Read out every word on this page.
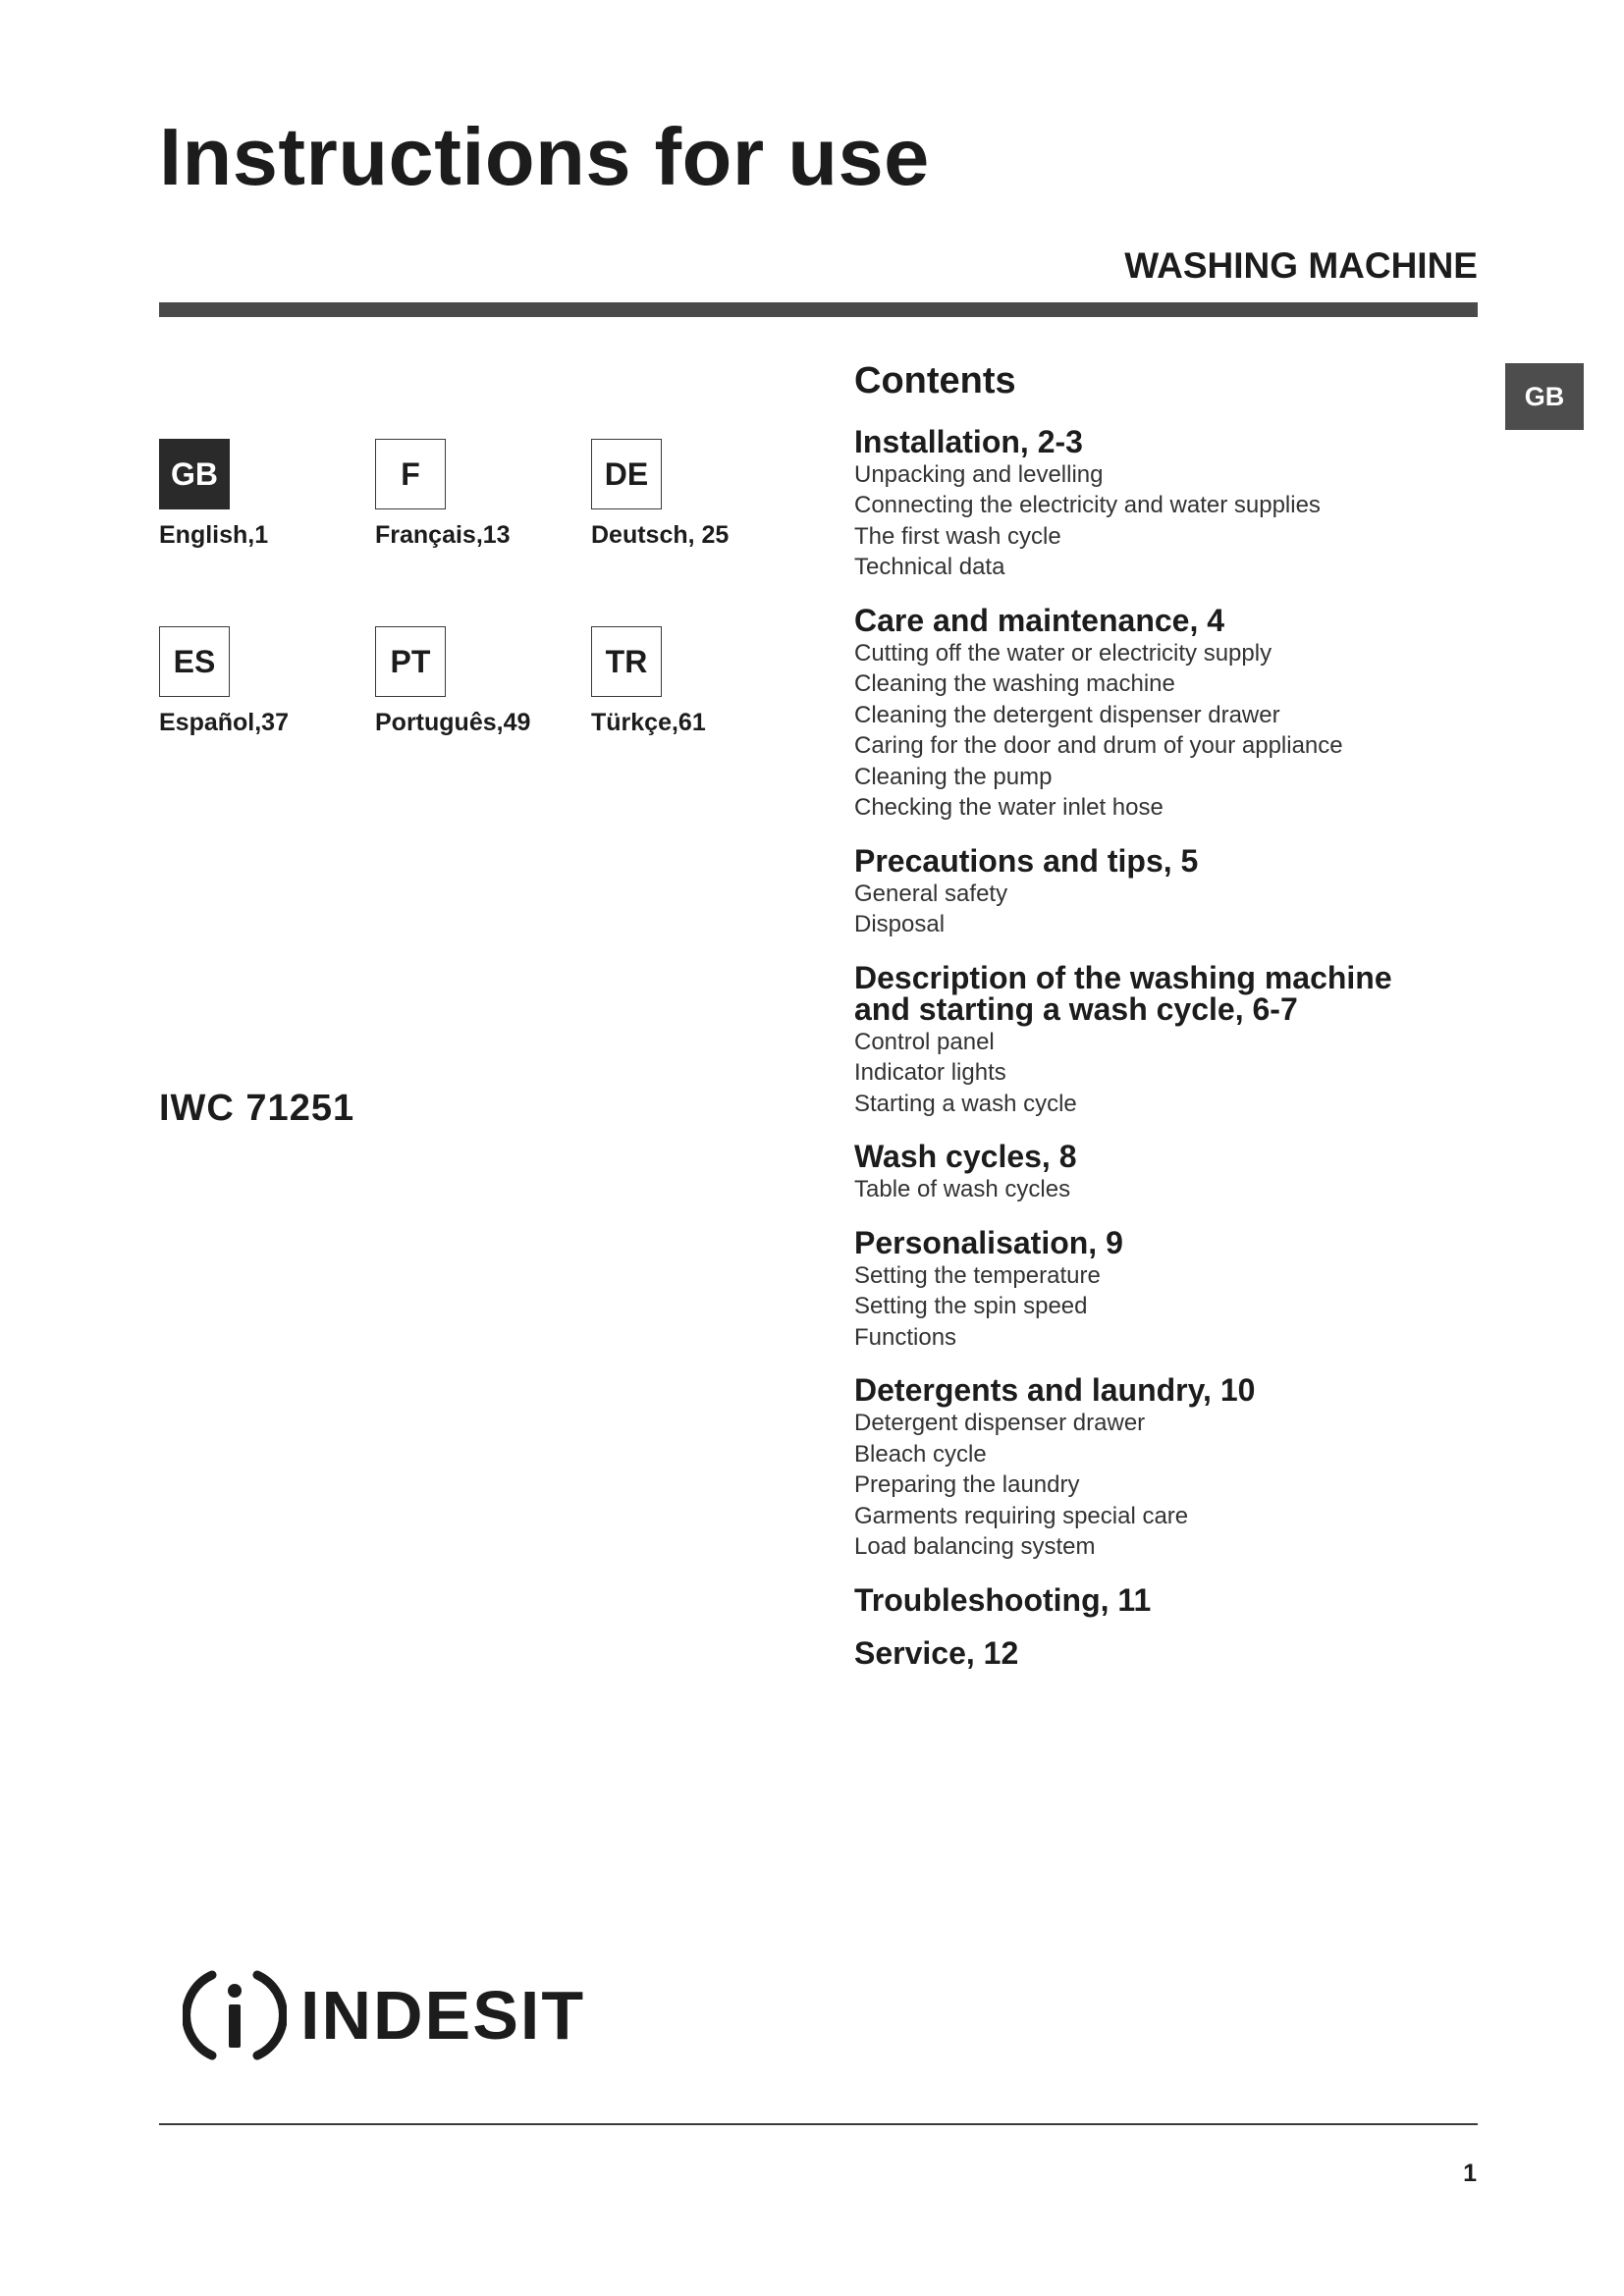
Instructions for use
WASHING MACHINE
GB
GB
English,1
F
Français,13
DE
Deutsch, 25
ES
Español,37
PT
Português,49
TR
Türkçe,61
IWC 71251
Contents
Installation, 2-3
Unpacking and levelling
Connecting the electricity and water supplies
The first wash cycle
Technical data
Care and maintenance, 4
Cutting off the water or electricity supply
Cleaning the washing machine
Cleaning the detergent dispenser drawer
Caring for the door and drum of your appliance
Cleaning the pump
Checking the water inlet hose
Precautions and tips, 5
General safety
Disposal
Description of the washing machine and starting a wash cycle, 6-7
Control panel
Indicator lights
Starting a wash cycle
Wash cycles, 8
Table of wash cycles
Personalisation, 9
Setting the temperature
Setting the spin speed
Functions
Detergents and laundry, 10
Detergent dispenser drawer
Bleach cycle
Preparing the laundry
Garments requiring special care
Load balancing system
Troubleshooting, 11
Service, 12
INDESIT
1
